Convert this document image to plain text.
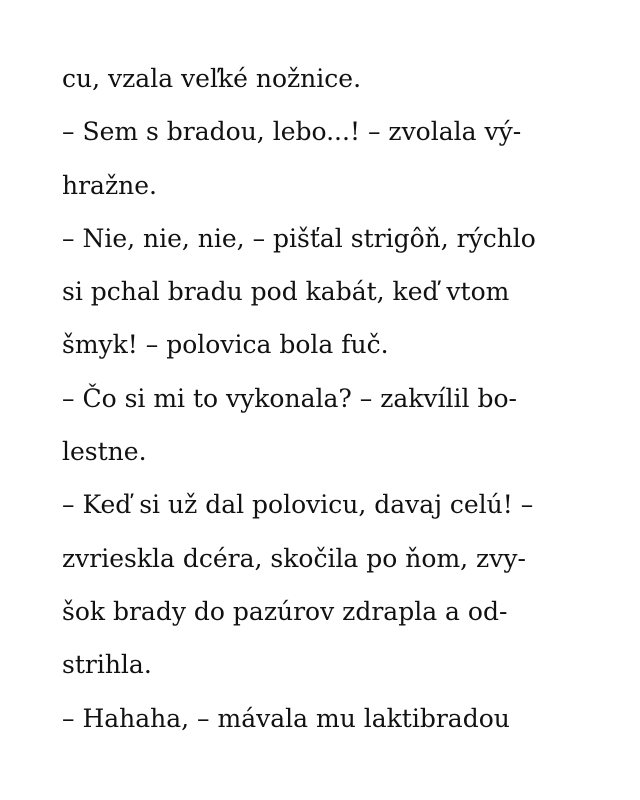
cu, vzala veľké nožnice.
– Sem s bradou, lebo...! – zvolala vý-
hražne.
– Nie, nie, nie, – pišťal strigôň, rýchlo
si pchal bradu pod kabát, keď vtom
šmyk! – polovica bola fuč.
– Čo si mi to vykonala? – zakvílil bo-
lestne.
– Keď si už dal polovicu, davaj celú! –
zvrieskla dcéra, skočila po ňom, zvy-
šok brady do pazúrov zdrapla a od-
strihla.
– Hahaha, – mávala mu laktibradou
